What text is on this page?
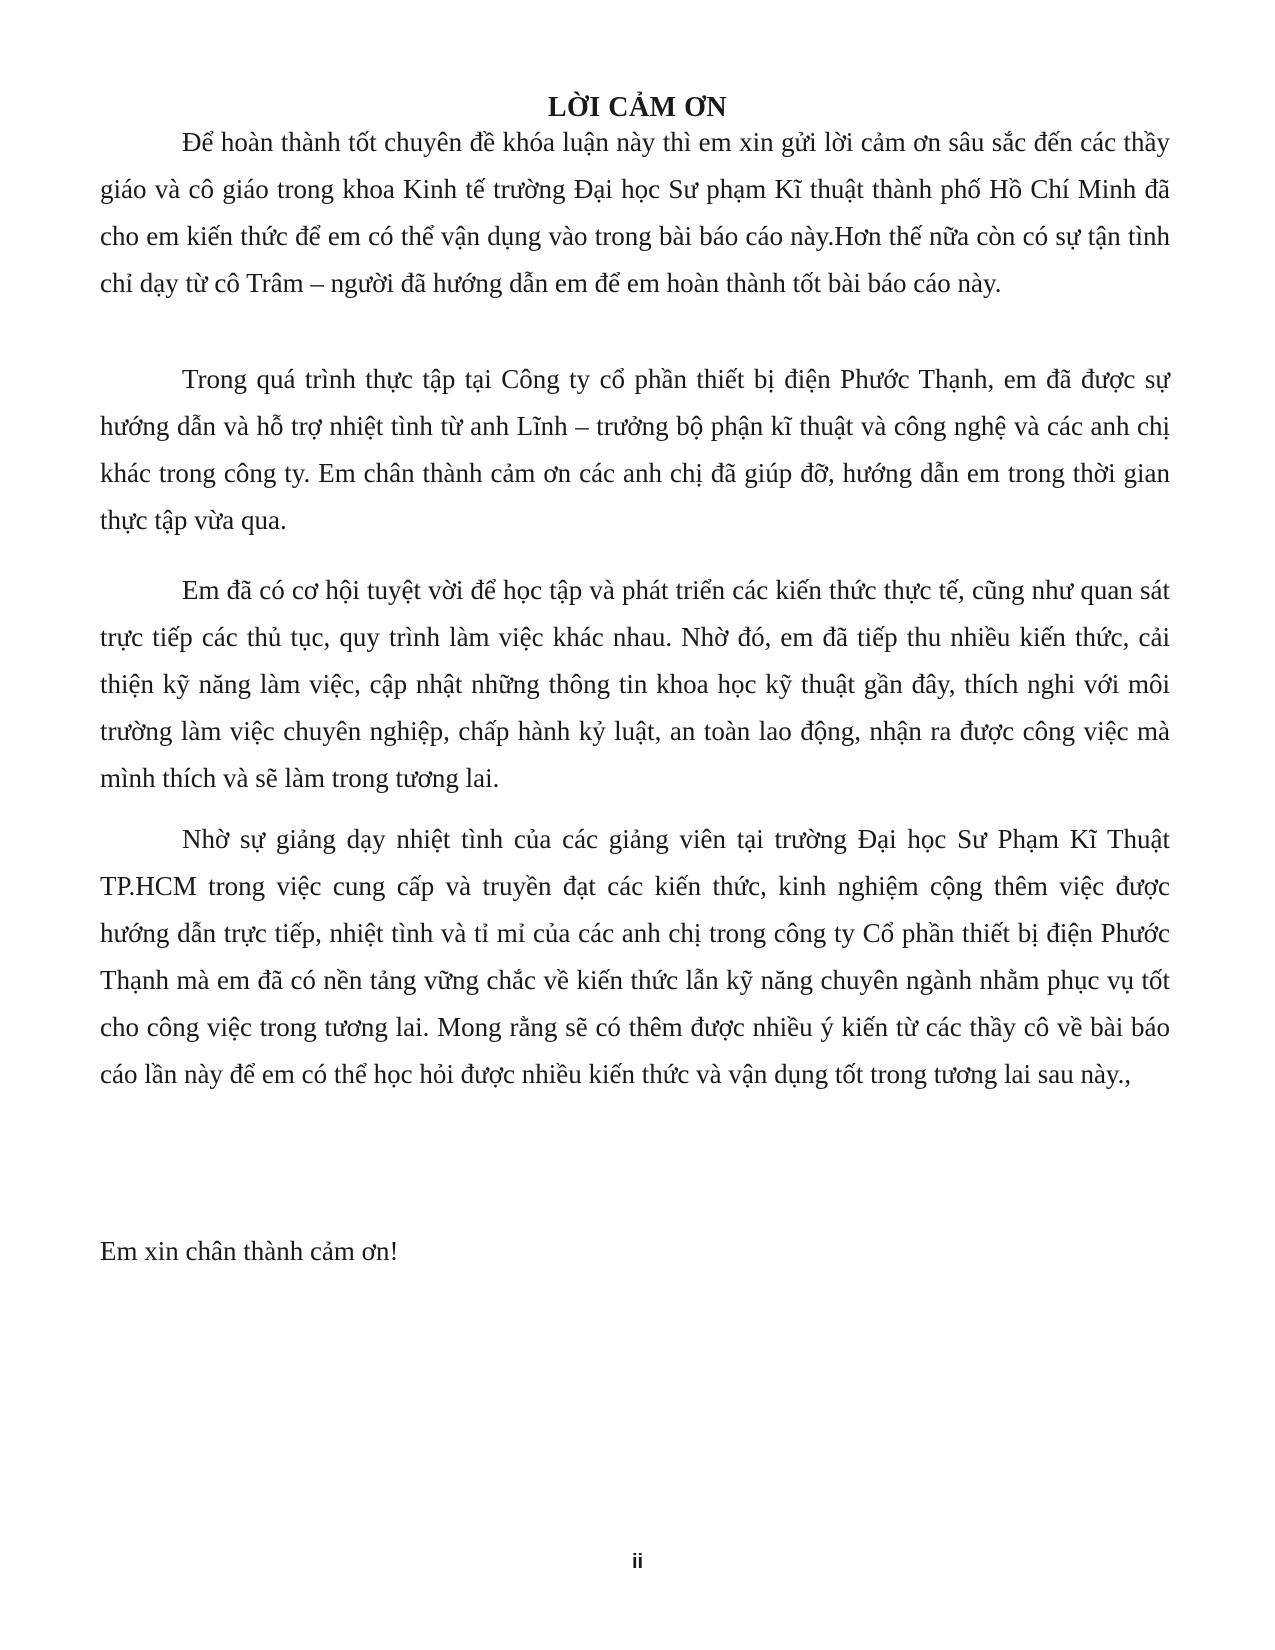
LỜI CẢM ƠN

Để hoàn thành tốt chuyên đề khóa luận này thì em xin gửi lời cảm ơn sâu sắc đến các thầy giáo và cô giáo trong khoa Kinh tế trường Đại học Sư phạm Kĩ thuật thành phố Hồ Chí Minh đã cho em kiến thức để em có thể vận dụng vào trong bài báo cáo này.Hơn thế nữa còn có sự tận tình chỉ dạy từ cô Trâm – người đã hướng dẫn em để em hoàn thành tốt bài báo cáo này.

Trong quá trình thực tập tại Công ty cổ phần thiết bị điện Phước Thạnh, em đã được sự hướng dẫn và hỗ trợ nhiệt tình từ anh Lĩnh – trưởng bộ phận kĩ thuật và công nghệ và các anh chị khác trong công ty. Em chân thành cảm ơn các anh chị đã giúp đỡ, hướng dẫn em trong thời gian thực tập vừa qua.

Em đã có cơ hội tuyệt vời để học tập và phát triển các kiến thức thực tế, cũng như quan sát trực tiếp các thủ tục, quy trình làm việc khác nhau. Nhờ đó, em đã tiếp thu nhiều kiến thức, cải thiện kỹ năng làm việc, cập nhật những thông tin khoa học kỹ thuật gần đây, thích nghi với môi trường làm việc chuyên nghiệp, chấp hành kỷ luật, an toàn lao động, nhận ra được công việc mà mình thích và sẽ làm trong tương lai.

Nhờ sự giảng dạy nhiệt tình của các giảng viên tại trường Đại học Sư Phạm Kĩ Thuật TP.HCM trong việc cung cấp và truyền đạt các kiến thức, kinh nghiệm cộng thêm việc được hướng dẫn trực tiếp, nhiệt tình và tỉ mỉ của các anh chị trong công ty Cổ phần thiết bị điện Phước Thạnh mà em đã có nền tảng vững chắc về kiến thức lẫn kỹ năng chuyên ngành nhằm phục vụ tốt cho công việc trong tương lai. Mong rằng sẽ có thêm được nhiều ý kiến từ các thầy cô về bài báo cáo lần này để em có thể học hỏi được nhiều kiến thức và vận dụng tốt trong tương lai sau này.,

Em xin chân thành cảm ơn!

ii
